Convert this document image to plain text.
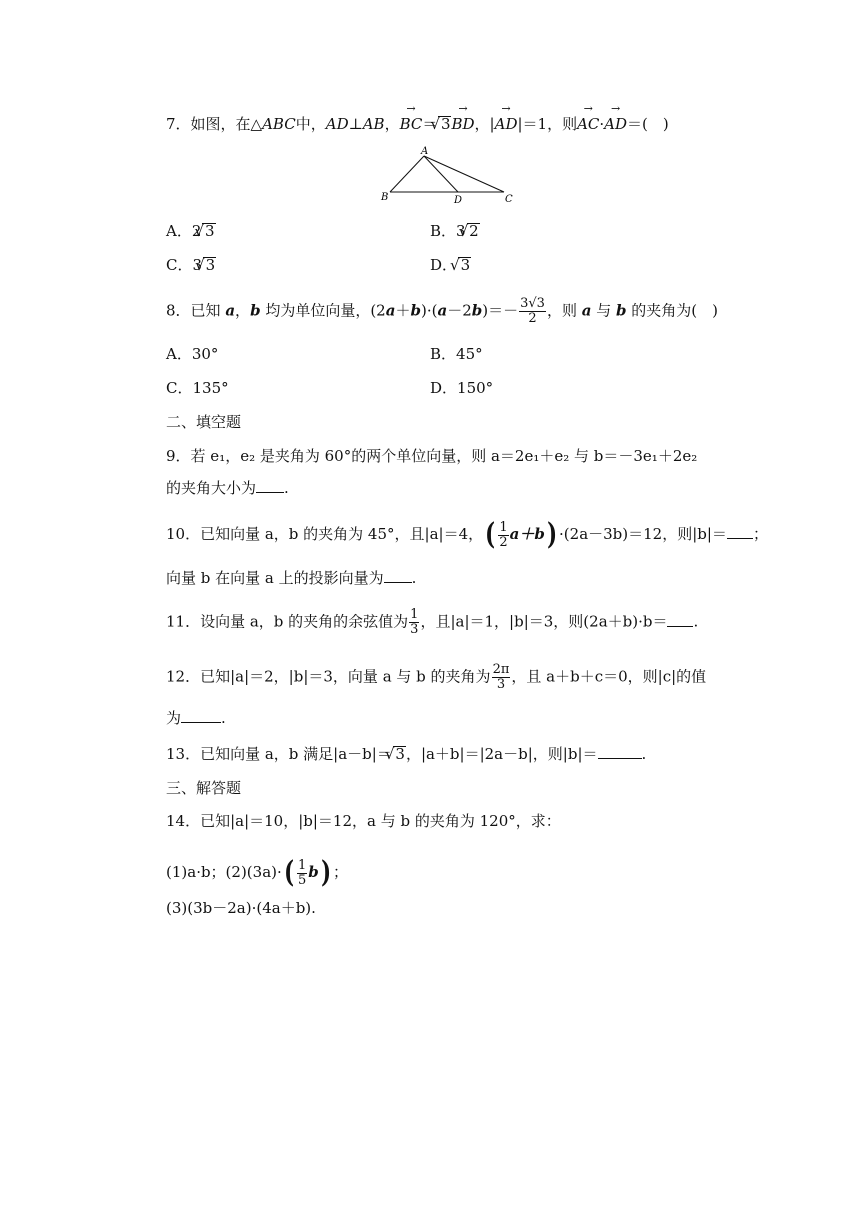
7．如图，在△ABC中，AD⊥AB，→ BC＝ √ 3→ BD，|→ AD|＝1，则→ AC·→ AD＝(　)
A
B	D	C
A．2 √ 3	B．3 √ 2
C．3 √ 3	D． √ 3
8．已知 a，b 均为单位向量，$(2a+b)\cdot(a-2b)=- \frac{3√3}{2}$ ，则 a 与 b 的夹角为(　)
A．30°	B．45°
C．135°	D．150°
二、填空题
9．若 e₁，e₂ 是夹角为 60°的两个单位向量，则 a＝2e₁＋e₂ 与 b＝－3e₁＋2e₂
的夹角大小为 .
10．已知向量 a，b 的夹角为 45°，且|a|＝4，( $\frac{1}{2} a+b) \cdot(2a-3b)=12$，则|b|＝ ；
向量 b 在向量 a 上的投影向量为 .
11．设向量 a，b 的夹角的余弦值为 $\frac{1}{3}$ ，且|a|＝1，|b|＝3，则(2a＋b)·b＝ .
12．已知|a|＝2，|b|＝3，向量 a 与 b 的夹角为 $\frac{2\pi}{3}$ ，且 a＋b＋c＝0，则|c|的值
为	.
13．已知向量 a，b 满足|a－b|＝ √ 3，|a＋b|＝|2a－b|，则|b|＝	.
三、解答题
14．已知|a|＝10，|b|＝12，a 与 b 的夹角为 120°，求：
(1)a·b；$(2)(3a)\cdot( \frac{1}{5} b)$ ；
(3)(3b－2a)·(4a＋b).
